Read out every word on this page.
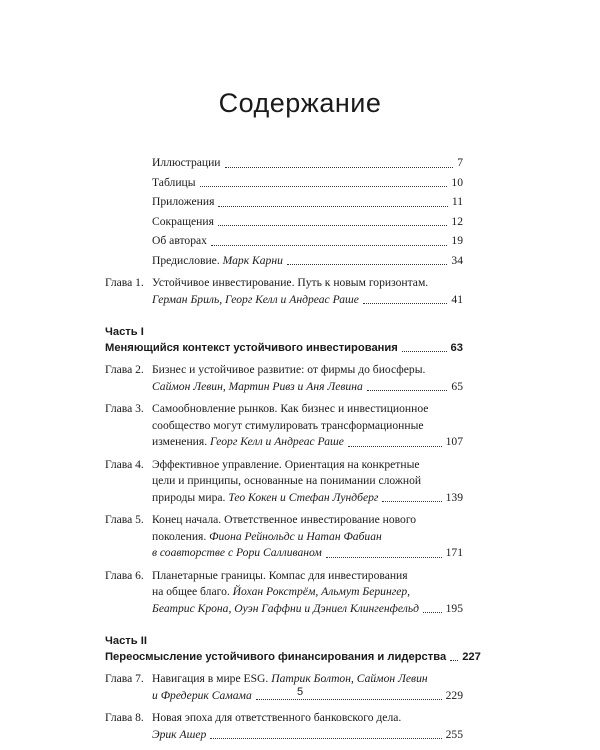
Содержание
Иллюстрации	7
Таблицы	10
Приложения	11
Сокращения	12
Об авторах	19
Предисловие. Марк Карни	34
Глава 1. Устойчивое инвестирование. Путь к новым горизонтам.
Герман Бриль, Георг Келл и Андреас Раше	41
Часть I
Меняющийся контекст устойчивого инвестирования	63
Глава 2. Бизнес и устойчивое развитие: от фирмы до биосферы.
Саймон Левин, Мартин Ривз и Аня Левина	65
Глава 3. Самообновление рынков. Как бизнес и инвестиционное
сообщество могут стимулировать трансформационные
изменения.
Георг Келл и Андреас Раше	107
Глава 4. Эффективное управление. Ориентация на конкретные
цели и принципы, основанные на понимании сложной
природы мира.
Тео Кокен и Стефан Лундберг	139
Глава 5. Конец начала. Ответственное инвестирование нового
поколения.
Фиона Рейнольдс и Натан Фабиан
в соавторстве с Рори Салливаном	171
Глава 6. Планетарные границы. Компас для инвестирования
на общее благо.
Йохан Рокстрём, Альмут Берингер,
Беатрис Крона, Оуэн Гаффни и Дэниел Клингенфельд 195
Часть II
Переосмысление устойчивого финансирования и лидерства 227
Глава 7. Навигация в мире ESG.
Патрик Болтон, Саймон Левин
и Фредерик Самама	229
Глава 8. Новая эпоха для ответственного банковского дела.
Эрик Ашер	255
5
